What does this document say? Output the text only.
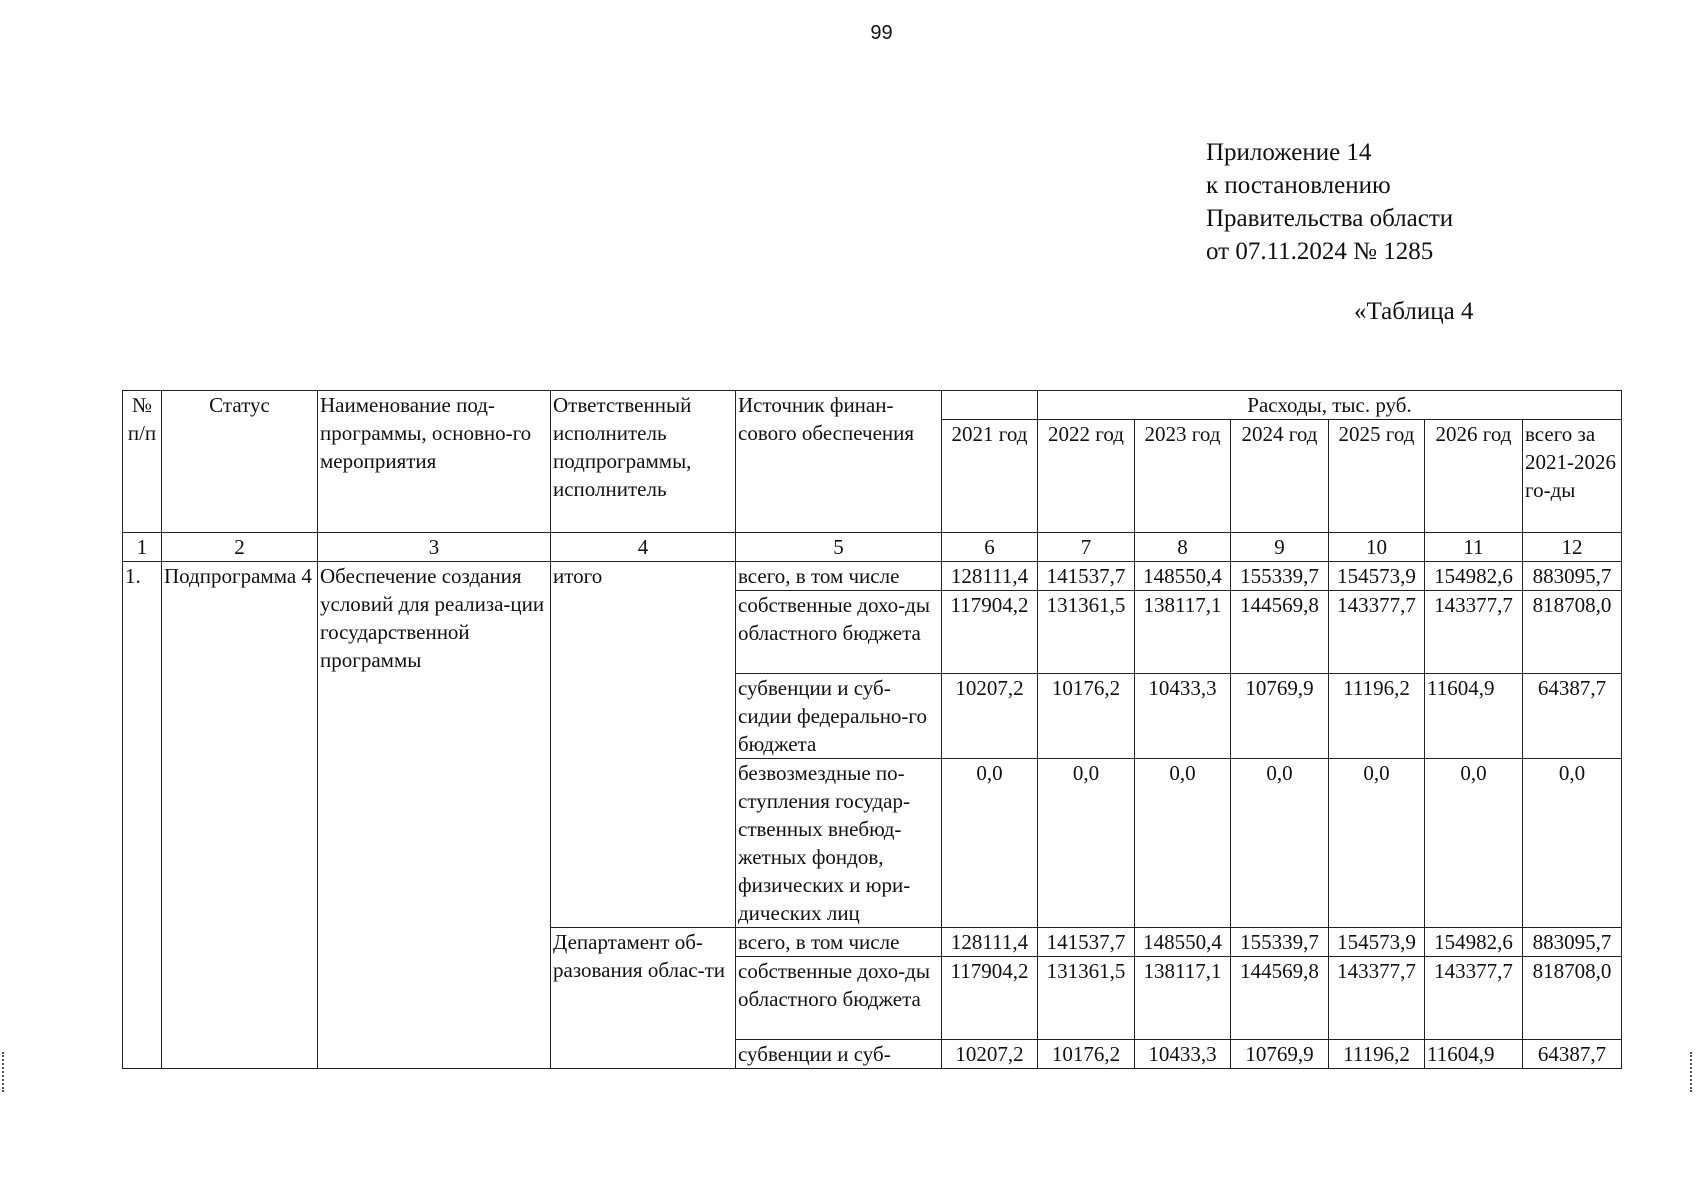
99
Приложение 14
к постановлению
Правительства области
от 07.11.2024 № 1285
«Таблица 4
№ п/п	Статус	Наименование под-программы, основно-го мероприятия	Ответственный исполнитель подпрограммы, исполнитель	Источник финан-сового обеспечения		Расходы, тыс. руб.					
					2021 год	2022 год	2023 год	2024 год	2025 год	2026 год	всего за 2021-2026 го-ды
1	2	3	4	5	6	7	8	9	10	11	12
1.	Подпрограмма 4	Обеспечение создания условий для реализа-ции государственной программы	итого	всего, в том числе	128111,4	141537,7	148550,4	155339,7	154573,9	154982,6	883095,7
				собственные дохо-ды областного бюджета	117904,2	131361,5	138117,1	144569,8	143377,7	143377,7	818708,0
				субвенции и суб-сидии федерально-го бюджета	10207,2	10176,2	10433,3	10769,9	11196,2	11604,9	64387,7
				безвозмездные по-ступления государ-ственных внебюд-жетных фондов, физических и юри-дических лиц	0,0	0,0	0,0	0,0	0,0	0,0	0,0
			Департамент об-разования облас-ти	всего, в том числе	128111,4	141537,7	148550,4	155339,7	154573,9	154982,6	883095,7
				собственные дохо-ды областного бюджета	117904,2	131361,5	138117,1	144569,8	143377,7	143377,7	818708,0
				субвенции и суб-	10207,2	10176,2	10433,3	10769,9	11196,2	11604,9	64387,7
